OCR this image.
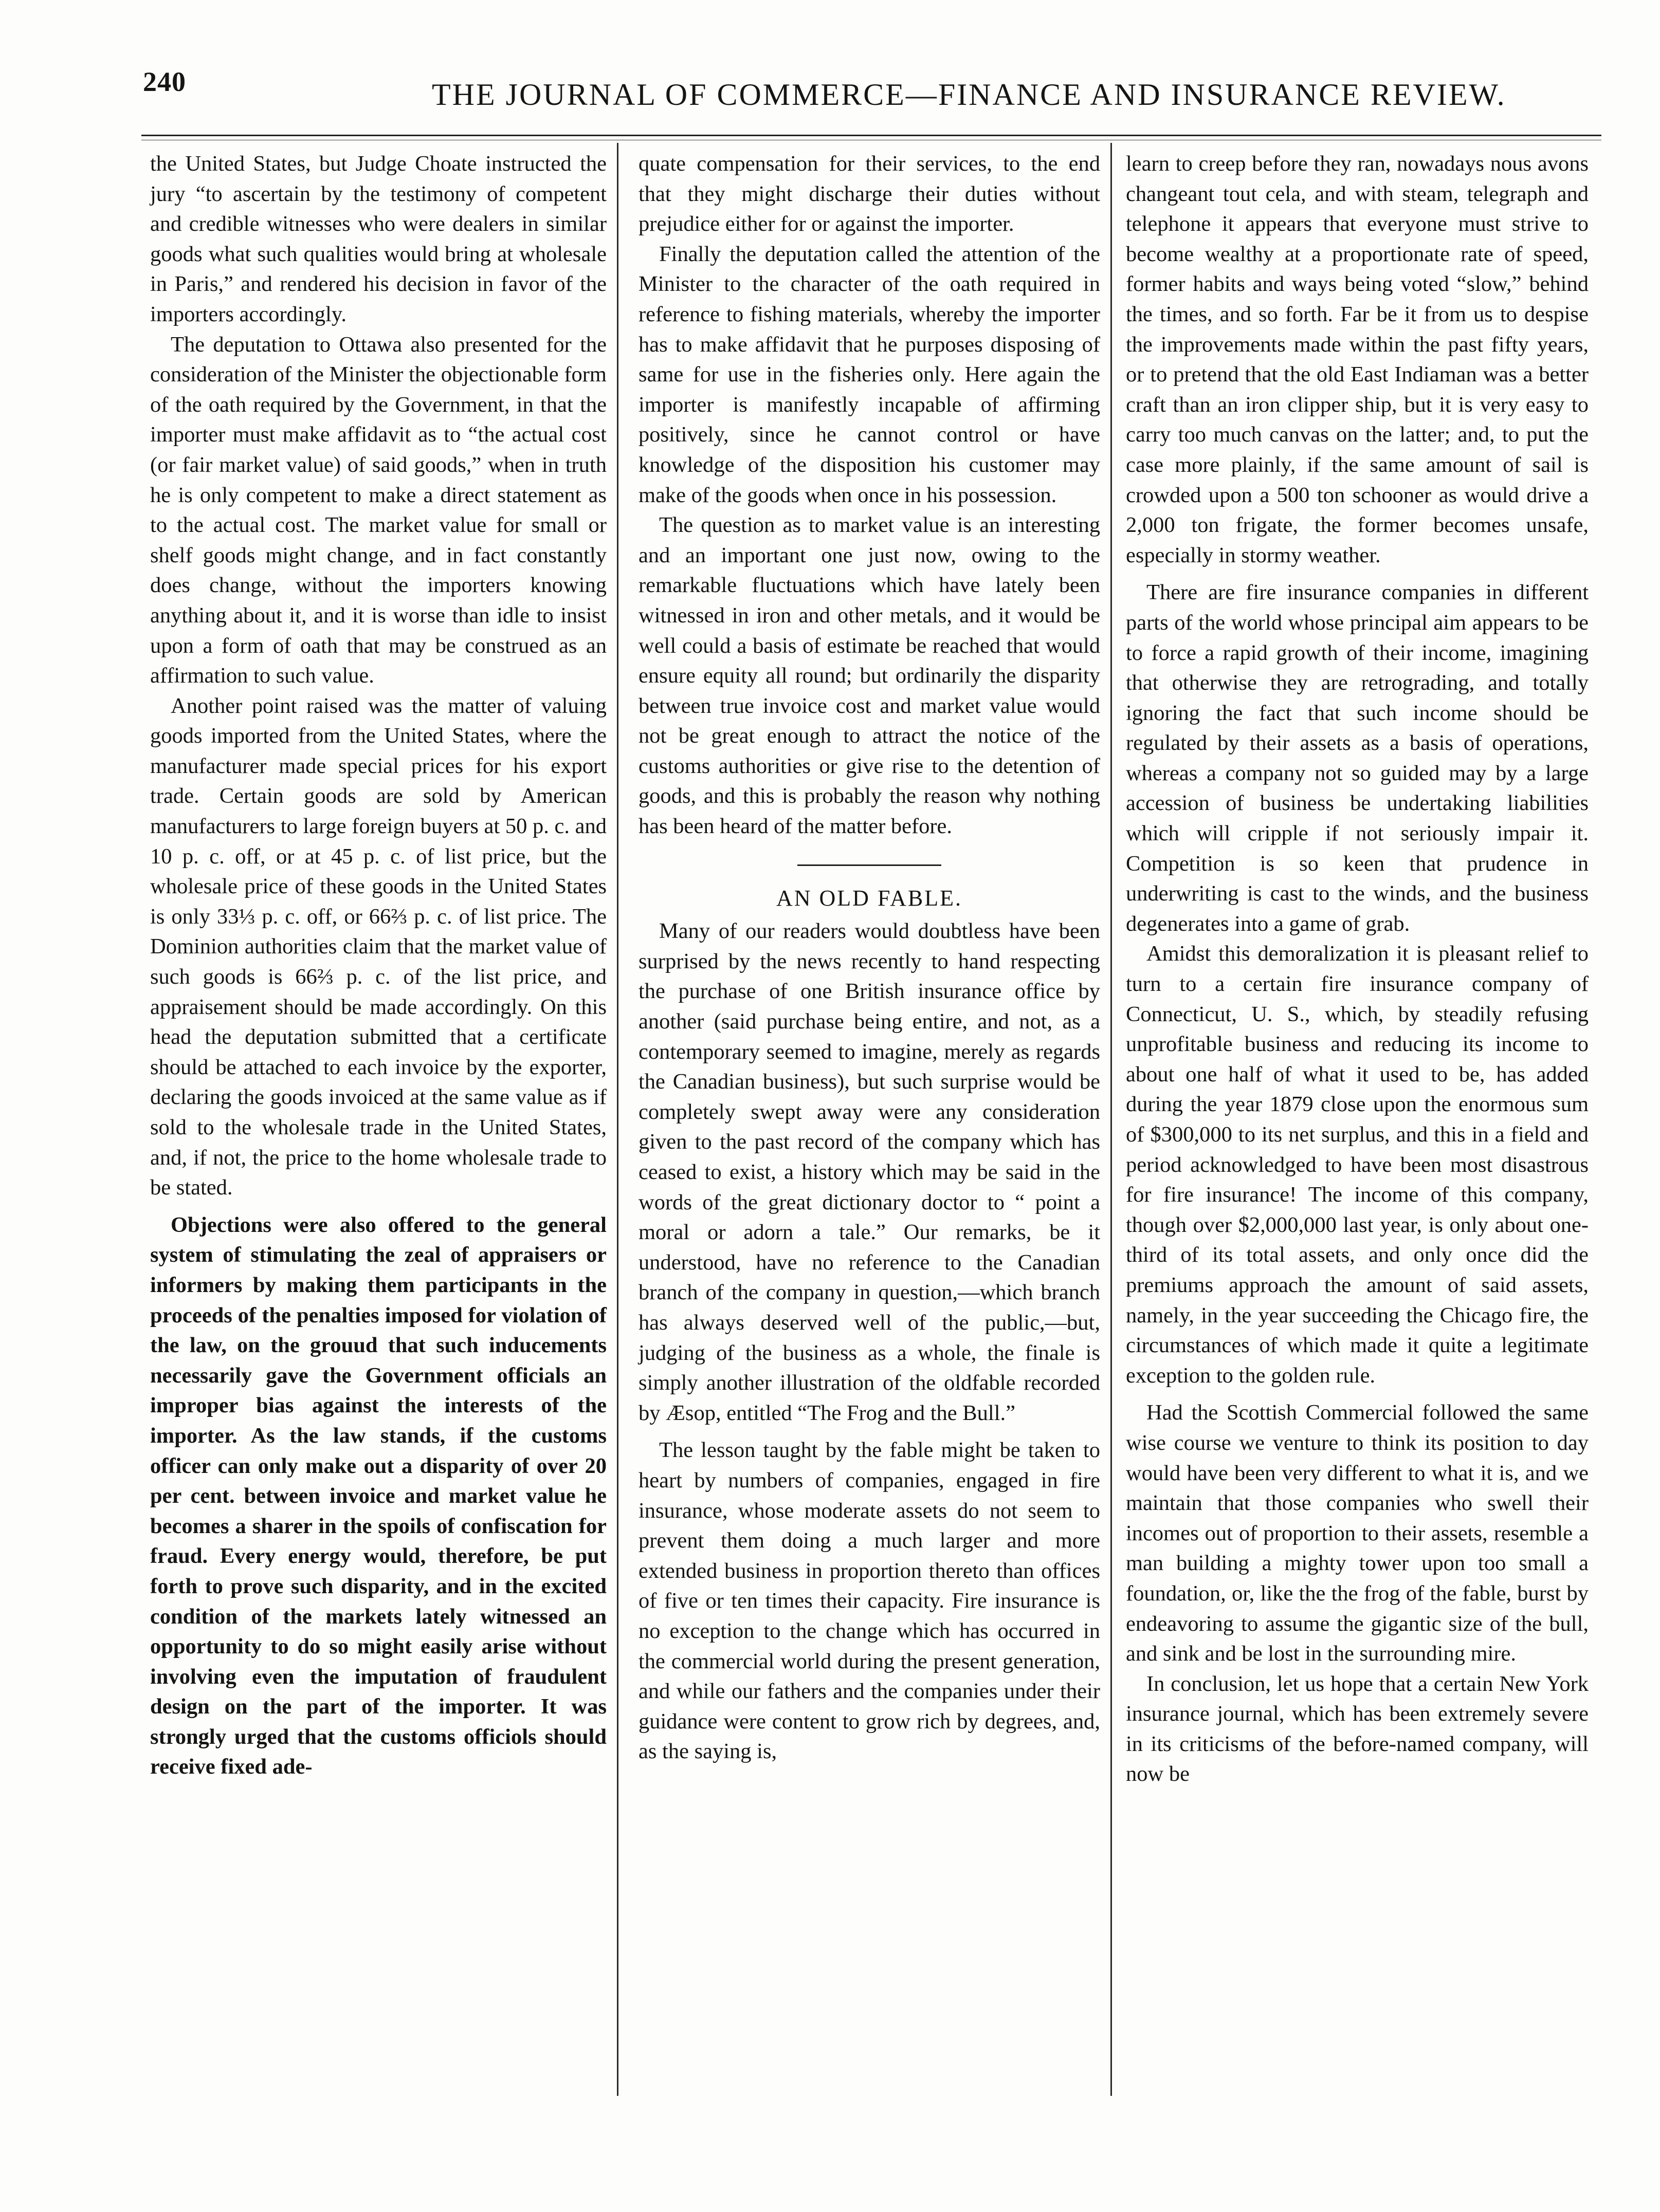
240	THE JOURNAL OF COMMERCE—FINANCE AND INSURANCE REVIEW.

the United States, but Judge Choate instructed the jury “to ascertain by the testimony of competent and credible witnesses who were dealers in similar goods what such qualities would bring at wholesale in Paris,” and rendered his decision in favor of the importers accordingly.

The deputation to Ottawa also presented for the consideration of the Minister the objectionable form of the oath required by the Government, in that the importer must make affidavit as to “the actual cost (or fair market value) of said goods,” when in truth he is only competent to make a direct statement as to the actual cost. The market value for small or shelf goods might change, and in fact constantly does change, without the importers knowing anything about it, and it is worse than idle to insist upon a form of oath that may be construed as an affirmation to such value.

Another point raised was the matter of valuing goods imported from the United States, where the manufacturer made special prices for his export trade. Certain goods are sold by American manufacturers to large foreign buyers at 50 p. c. and 10 p. c. off, or at 45 p. c. of list price, but the wholesale price of these goods in the United States is only 33⅓ p. c. off, or 66⅔ p. c. of list price. The Dominion authorities claim that the market value of such goods is 66⅔ p. c. of the list price, and appraisement should be made accordingly. On this head the deputation submitted that a certificate should be attached to each invoice by the exporter, declaring the goods invoiced at the same value as if sold to the wholesale trade in the United States, and, if not, the price to the home wholesale trade to be stated.

Objections were also offered to the general system of stimulating the zeal of appraisers or informers by making them participants in the proceeds of the penalties imposed for violation of the law, on the grouud that such inducements necessarily gave the Government officials an improper bias against the interests of the importer. As the law stands, if the customs officer can only make out a disparity of over 20 per cent. between invoice and market value he becomes a sharer in the spoils of confiscation for fraud. Every energy would, therefore, be put forth to prove such disparity, and in the excited condition of the markets lately witnessed an opportunity to do so might easily arise without involving even the imputation of fraudulent design on the part of the importer. It was strongly urged that the customs officiols should receive fixed ade-

quate compensation for their services, to the end that they might discharge their duties without prejudice either for or against the importer.

Finally the deputation called the attention of the Minister to the character of the oath required in reference to fishing materials, whereby the importer has to make affidavit that he purposes disposing of same for use in the fisheries only. Here again the importer is manifestly incapable of affirming positively, since he cannot control or have knowledge of the disposition his customer may make of the goods when once in his possession.

The question as to market value is an interesting and an important one just now, owing to the remarkable fluctuations which have lately been witnessed in iron and other metals, and it would be well could a basis of estimate be reached that would ensure equity all round; but ordinarily the disparity between true invoice cost and market value would not be great enough to attract the notice of the customs authorities or give rise to the detention of goods, and this is probably the reason why nothing has been heard of the matter before.

AN OLD FABLE.

Many of our readers would doubtless have been surprised by the news recently to hand respecting the purchase of one British insurance office by another (said purchase being entire, and not, as a contemporary seemed to imagine, merely as regards the Canadian business), but such surprise would be completely swept away were any consideration given to the past record of the company which has ceased to exist, a history which may be said in the words of the great dictionary doctor to “ point a moral or adorn a tale.” Our remarks, be it understood, have no reference to the Canadian branch of the company in question,—which branch has always deserved well of the public,—but, judging of the business as a whole, the finale is simply another illustration of the oldfable recorded by Æsop, entitled “The Frog and the Bull.”

The lesson taught by the fable might be taken to heart by numbers of companies, engaged in fire insurance, whose moderate assets do not seem to prevent them doing a much larger and more extended business in proportion thereto than offices of five or ten times their capacity. Fire insurance is no exception to the change which has occurred in the commercial world during the present generation, and while our fathers and the companies under their guidance were content to grow rich by degrees, and, as the saying is,

learn to creep before they ran, nowadays nous avons changeant tout cela, and with steam, telegraph and telephone it appears that everyone must strive to become wealthy at a proportionate rate of speed, former habits and ways being voted “slow,” behind the times, and so forth. Far be it from us to despise the improvements made within the past fifty years, or to pretend that the old East Indiaman was a better craft than an iron clipper ship, but it is very easy to carry too much canvas on the latter; and, to put the case more plainly, if the same amount of sail is crowded upon a 500 ton schooner as would drive a 2,000 ton frigate, the former becomes unsafe, especially in stormy weather.

There are fire insurance companies in different parts of the world whose principal aim appears to be to force a rapid growth of their income, imagining that otherwise they are retrograding, and totally ignoring the fact that such income should be regulated by their assets as a basis of operations, whereas a company not so guided may by a large accession of business be undertaking liabilities which will cripple if not seriously impair it. Competition is so keen that prudence in underwriting is cast to the winds, and the business degenerates into a game of grab.

Amidst this demoralization it is pleasant relief to turn to a certain fire insurance company of Connecticut, U. S., which, by steadily refusing unprofitable business and reducing its income to about one half of what it used to be, has added during the year 1879 close upon the enormous sum of $300,000 to its net surplus, and this in a field and period acknowledged to have been most disastrous for fire insurance! The income of this company, though over $2,000,000 last year, is only about one-third of its total assets, and only once did the premiums approach the amount of said assets, namely, in the year succeeding the Chicago fire, the circumstances of which made it quite a legitimate exception to the golden rule.

Had the Scottish Commercial followed the same wise course we venture to think its position to day would have been very different to what it is, and we maintain that those companies who swell their incomes out of proportion to their assets, resemble a man building a mighty tower upon too small a foundation, or, like the the frog of the fable, burst by endeavoring to assume the gigantic size of the bull, and sink and be lost in the surrounding mire.

In conclusion, let us hope that a certain New York insurance journal, which has been extremely severe in its criticisms of the before-named company, will now be
